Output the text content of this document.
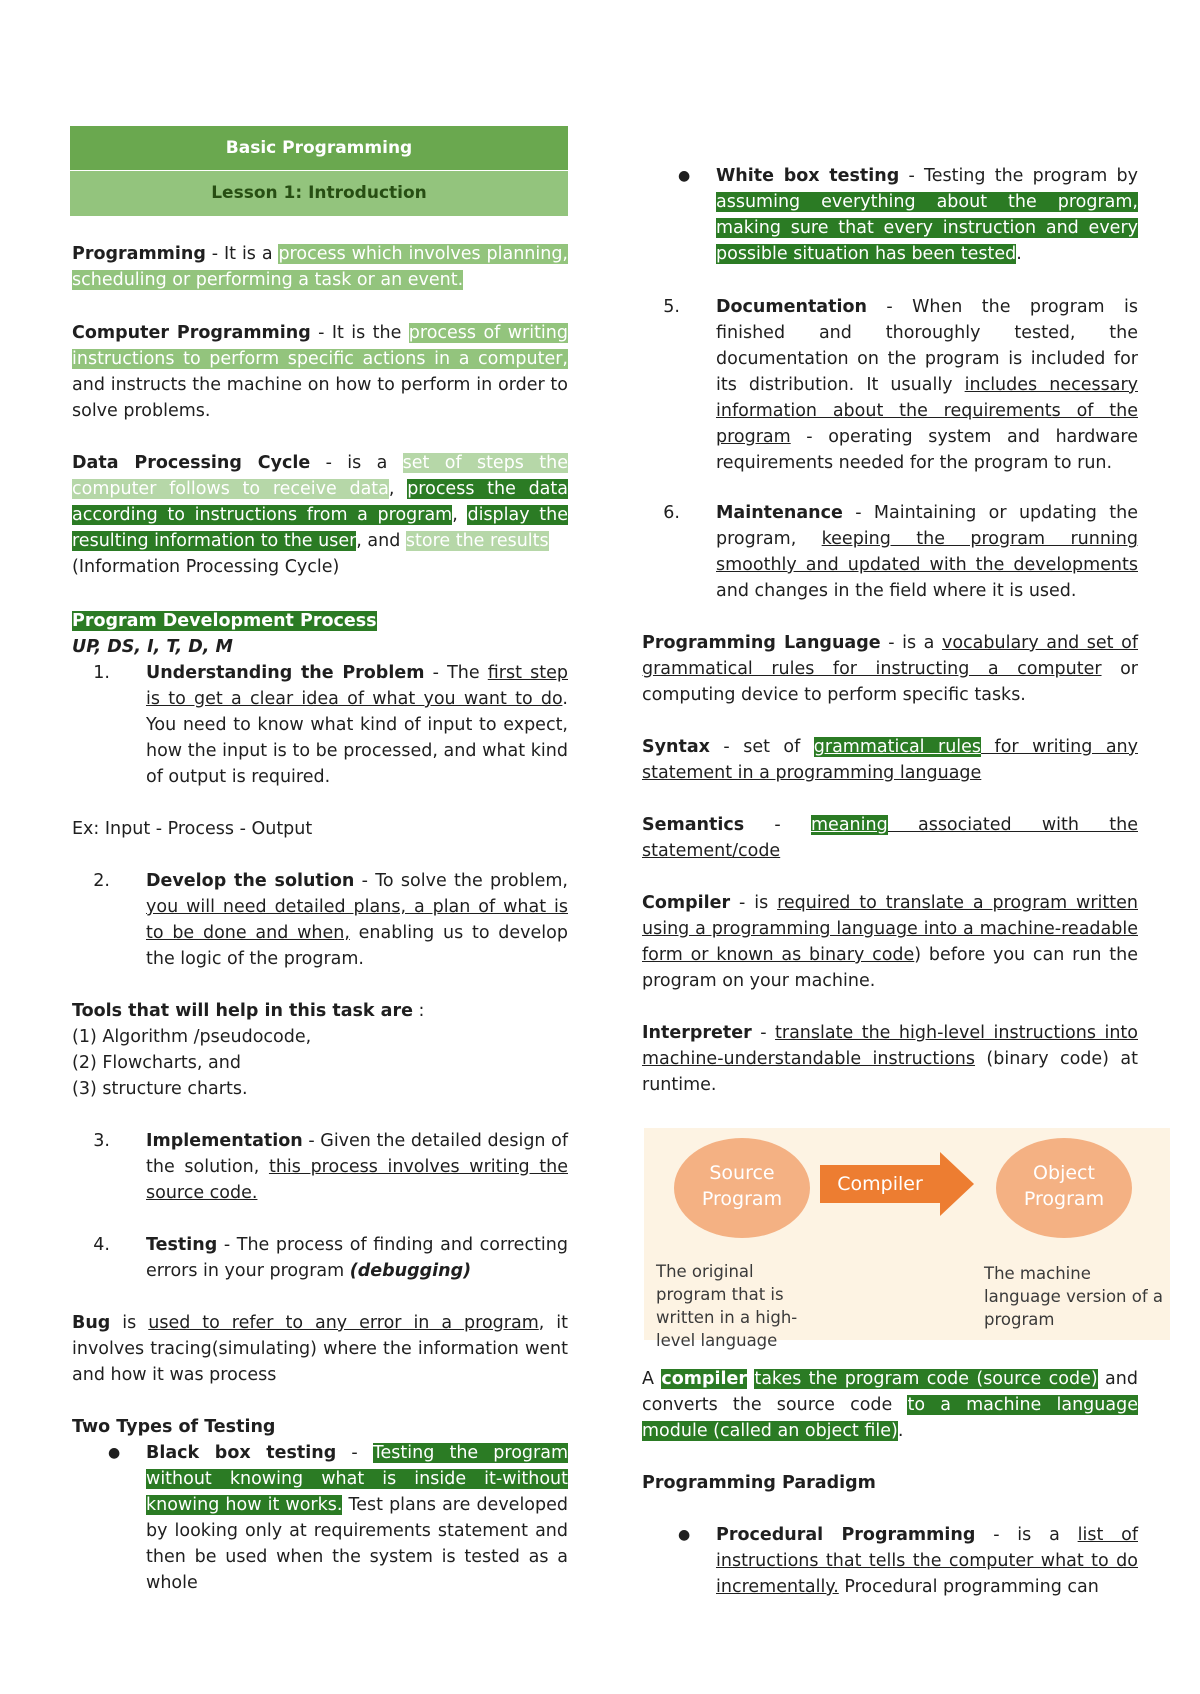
Basic Programming
Lesson 1: Introduction

Programming - It is a process which involves planning, scheduling or performing a task or an event.

Computer Programming - It is the process of writing instructions to perform specific actions in a computer, and instructs the machine on how to perform in order to solve problems.

Data Processing Cycle - is a set of steps the computer follows to receive data, process the data according to instructions from a program, display the resulting information to the user, and store the results
(Information Processing Cycle)

Program Development Process

UP, DS, I, T, D, M

1.	Understanding the Problem - The first step is to get a clear idea of what you want to do. You need to know what kind of input to expect, how the input is to be processed, and what kind of output is required.

Ex: Input - Process - Output

2.	Develop the solution - To solve the problem, you will need detailed plans, a plan of what is to be done and when, enabling us to develop the logic of the program.

Tools that will help in this task are :

(1) Algorithm /pseudocode,

(2) Flowcharts, and

(3) structure charts.

3.	Implementation - Given the detailed design of the solution, this process involves writing the source code.

4.	Testing - The process of finding and correcting errors in your program (debugging)

Bug is used to refer to any error in a program, it involves tracing(simulating) where the information went and how it was process

Two Types of Testing

● Black box testing - Testing the program without knowing what is inside it-without knowing how it works. Test plans are developed by looking only at requirements statement and then be used when the system is tested as a whole

● White box testing - Testing the program by assuming everything about the program, making sure that every instruction and every possible situation has been tested.

5.	Documentation - When the program is finished and thoroughly tested, the documentation on the program is included for its distribution. It usually includes necessary information about the requirements of the program - operating system and hardware requirements needed for the program to run.

6.	Maintenance - Maintaining or updating the program, keeping the program running smoothly and updated with the developments and changes in the field where it is used.

Programming Language - is a vocabulary and set of grammatical rules for instructing a computer or computing device to perform specific tasks.

Syntax - set of grammatical rules for writing any statement in a programming language

Semantics - meaning associated with the statement/code

Compiler - is required to translate a program written using a programming language into a machine-readable form or known as binary code) before you can run the program on your machine.

Interpreter - translate the high-level instructions into machine-understandable instructions (binary code) at runtime.

A compiler takes the program code (source code) and converts the source code to a machine language module (called an object file).

Programming Paradigm

● Procedural Programming - is a list of instructions that tells the computer what to do incrementally. Procedural programming can

Source
Program
Compiler	Object
Program

The original program that is written in a high-level language

The machine language version of a program
